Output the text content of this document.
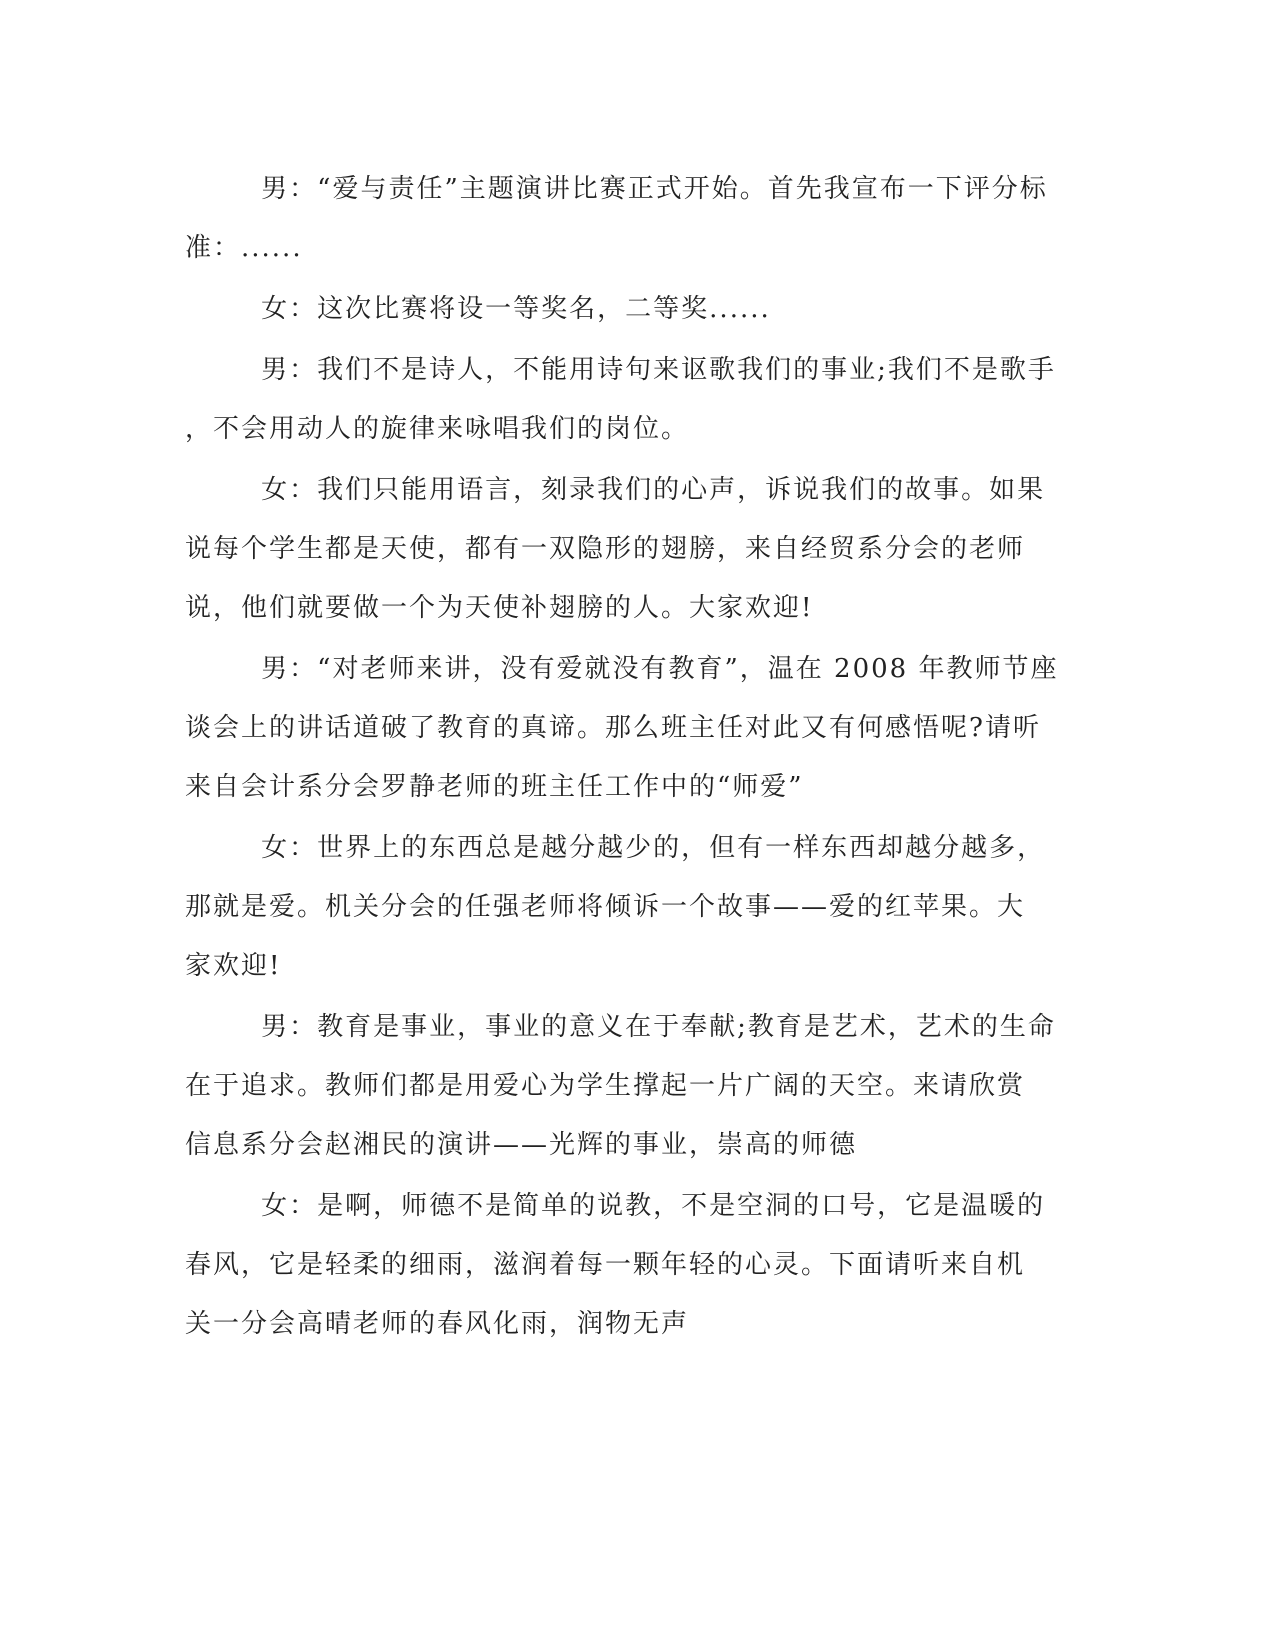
男：“爱与责任”主题演讲比赛正式开始。首先我宣布一下评分标
准：......

女：这次比赛将设一等奖名，二等奖......

男：我们不是诗人，不能用诗句来讴歌我们的事业;我们不是歌手
，不会用动人的旋律来咏唱我们的岗位。

女：我们只能用语言，刻录我们的心声，诉说我们的故事。如果
说每个学生都是天使，都有一双隐形的翅膀，来自经贸系分会的老师
说，他们就要做一个为天使补翅膀的人。大家欢迎!

男：“对老师来讲，没有爱就没有教育”，温在 2008 年教师节座
谈会上的讲话道破了教育的真谛。那么班主任对此又有何感悟呢?请听
来自会计系分会罗静老师的班主任工作中的“师爱”

女：世界上的东西总是越分越少的，但有一样东西却越分越多，
那就是爱。机关分会的任强老师将倾诉一个故事——爱的红苹果。大
家欢迎!

男：教育是事业，事业的意义在于奉献;教育是艺术，艺术的生命
在于追求。教师们都是用爱心为学生撑起一片广阔的天空。来请欣赏
信息系分会赵湘民的演讲——光辉的事业，崇高的师德

女：是啊，师德不是简单的说教，不是空洞的口号，它是温暖的
春风，它是轻柔的细雨，滋润着每一颗年轻的心灵。下面请听来自机
关一分会高晴老师的春风化雨，润物无声
